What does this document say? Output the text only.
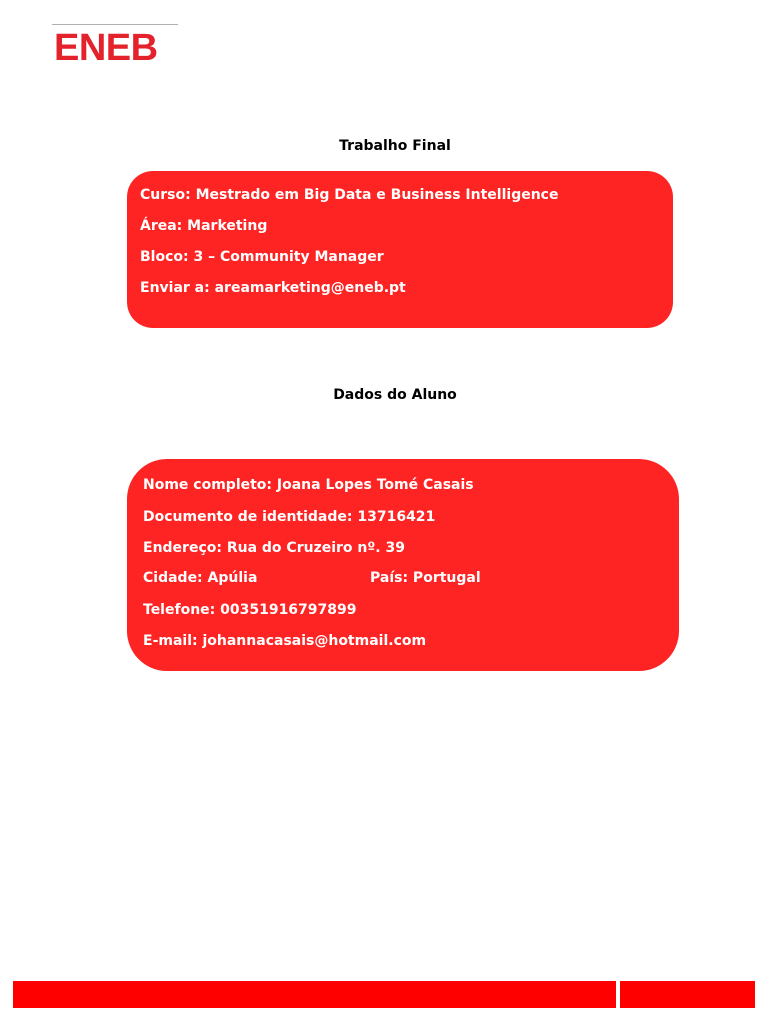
ENEB
Trabalho Final
Curso: Mestrado em Big Data e Business Intelligence
Área: Marketing
Bloco: 3 – Community Manager
Enviar a: areamarketing@eneb.pt
Dados do Aluno
Nome completo: Joana Lopes Tomé Casais
Documento de identidade: 13716421
Endereço: Rua do Cruzeiro nº. 39
Cidade: Apúlia	País: Portugal
Telefone: 00351916797899
E-mail: johannacasais@hotmail.com
